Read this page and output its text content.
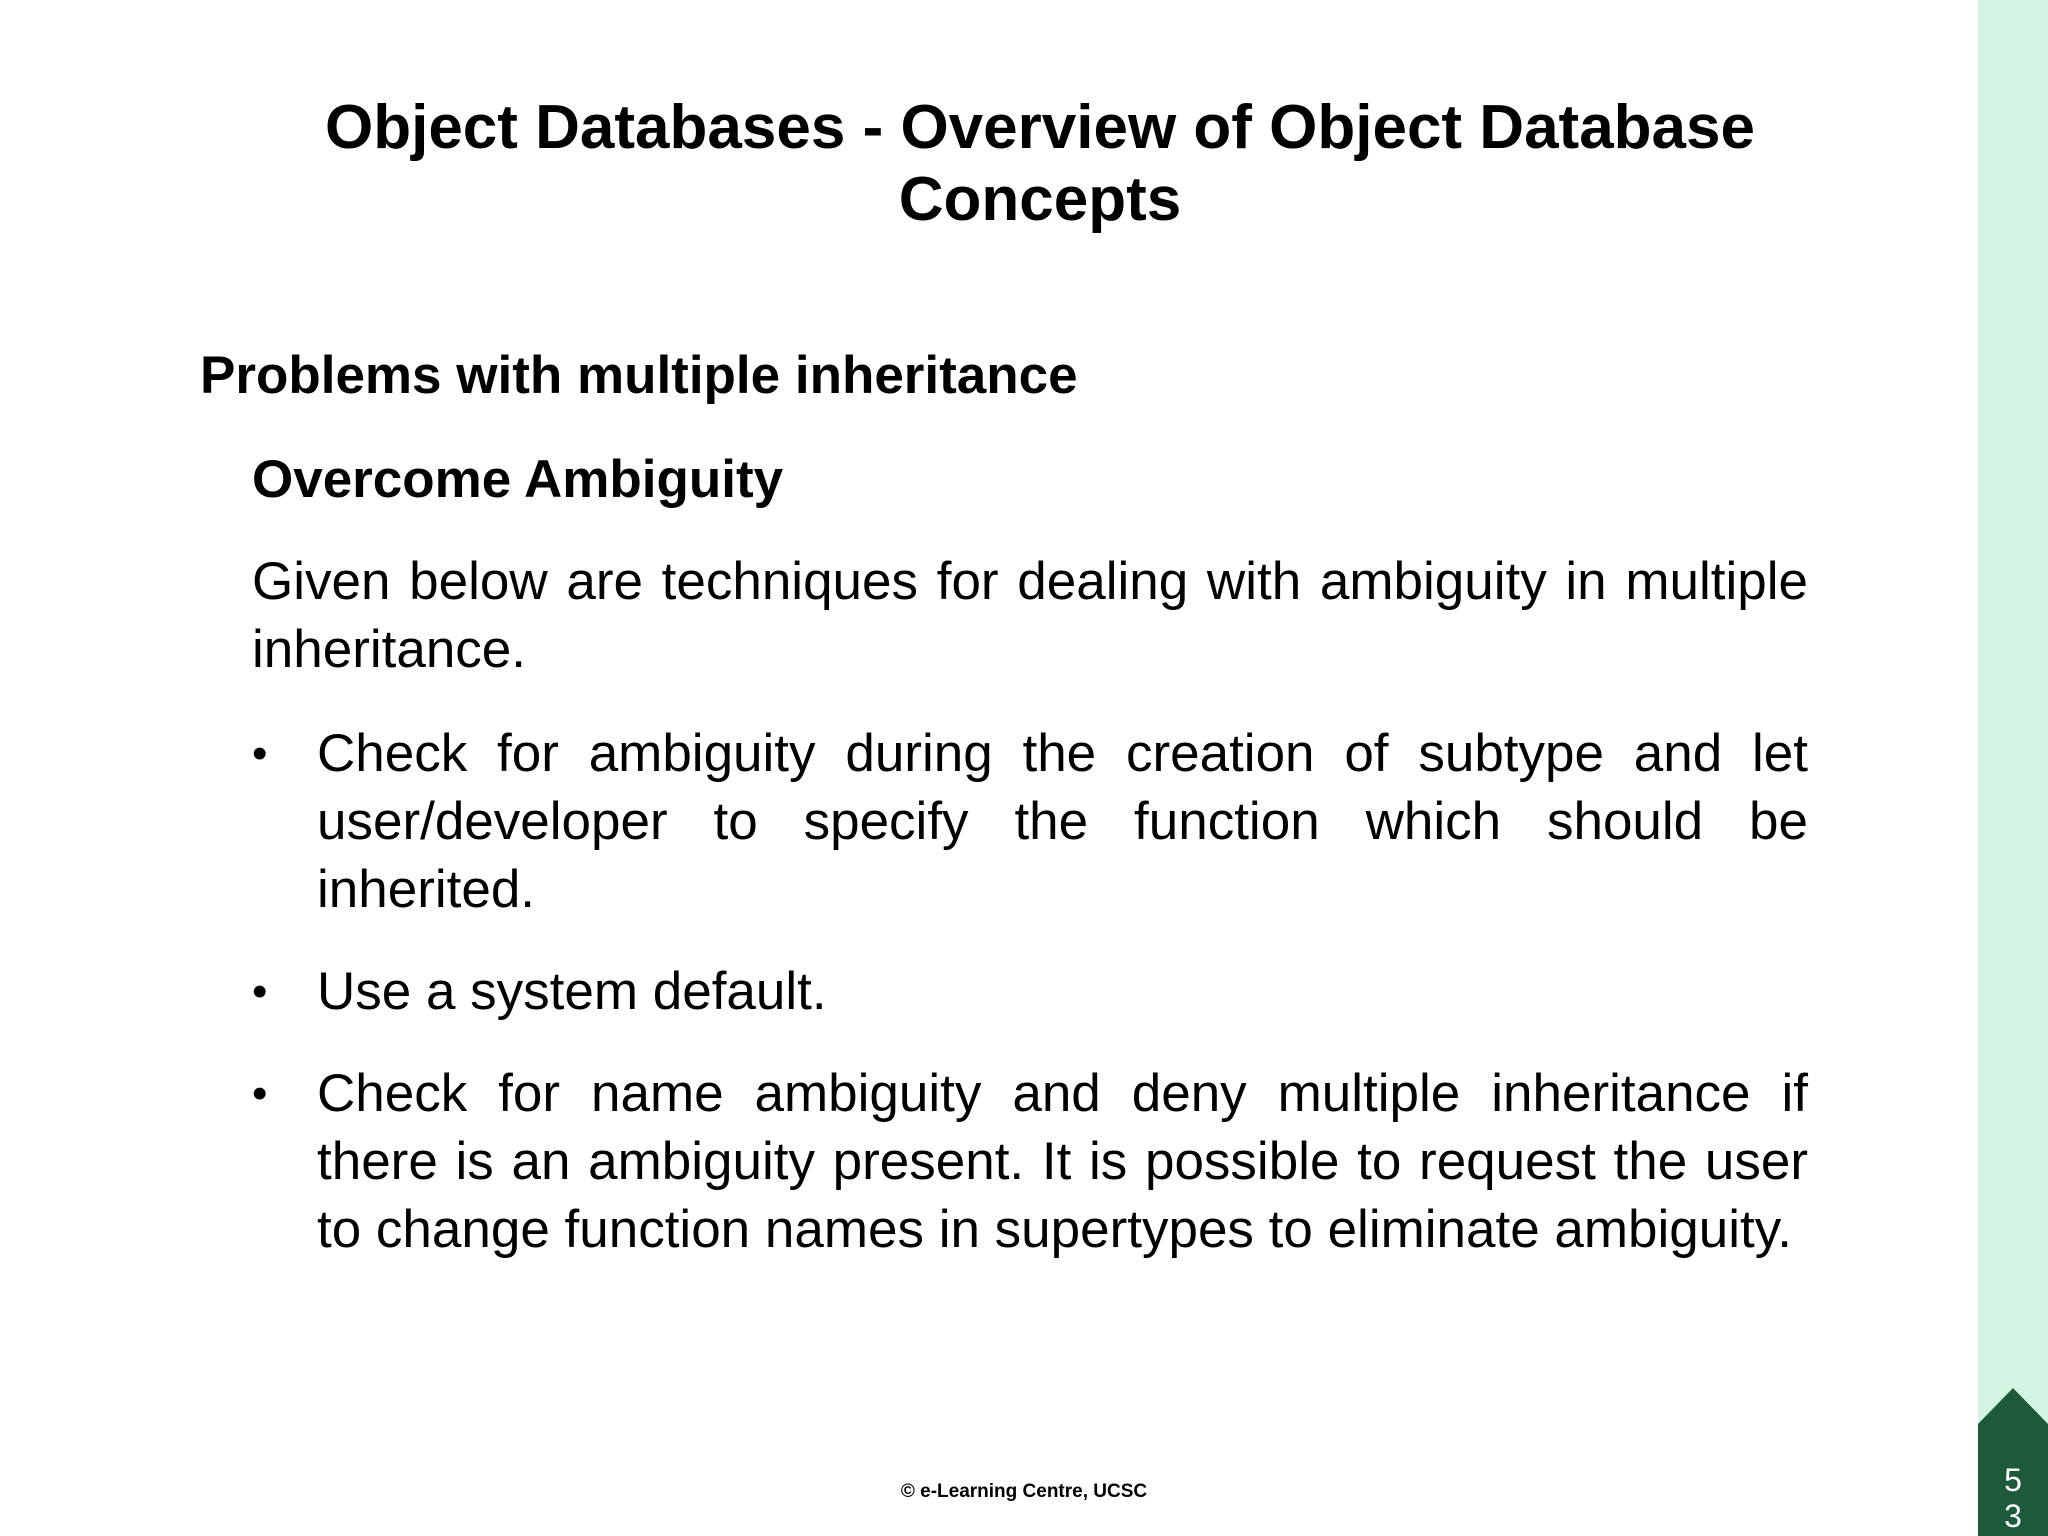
Object Databases - Overview of Object Database
Concepts
Problems with multiple inheritance
Overcome Ambiguity
Given below are techniques for dealing with ambiguity in multiple inheritance.
• Check for ambiguity during the creation of subtype and let user/developer to specify the function which should be inherited.
• Use a system default.
• Check for name ambiguity and deny multiple inheritance if there is an ambiguity present. It is possible to request the user to change function names in supertypes to eliminate ambiguity.
© e-Learning Centre, UCSC	5
3
